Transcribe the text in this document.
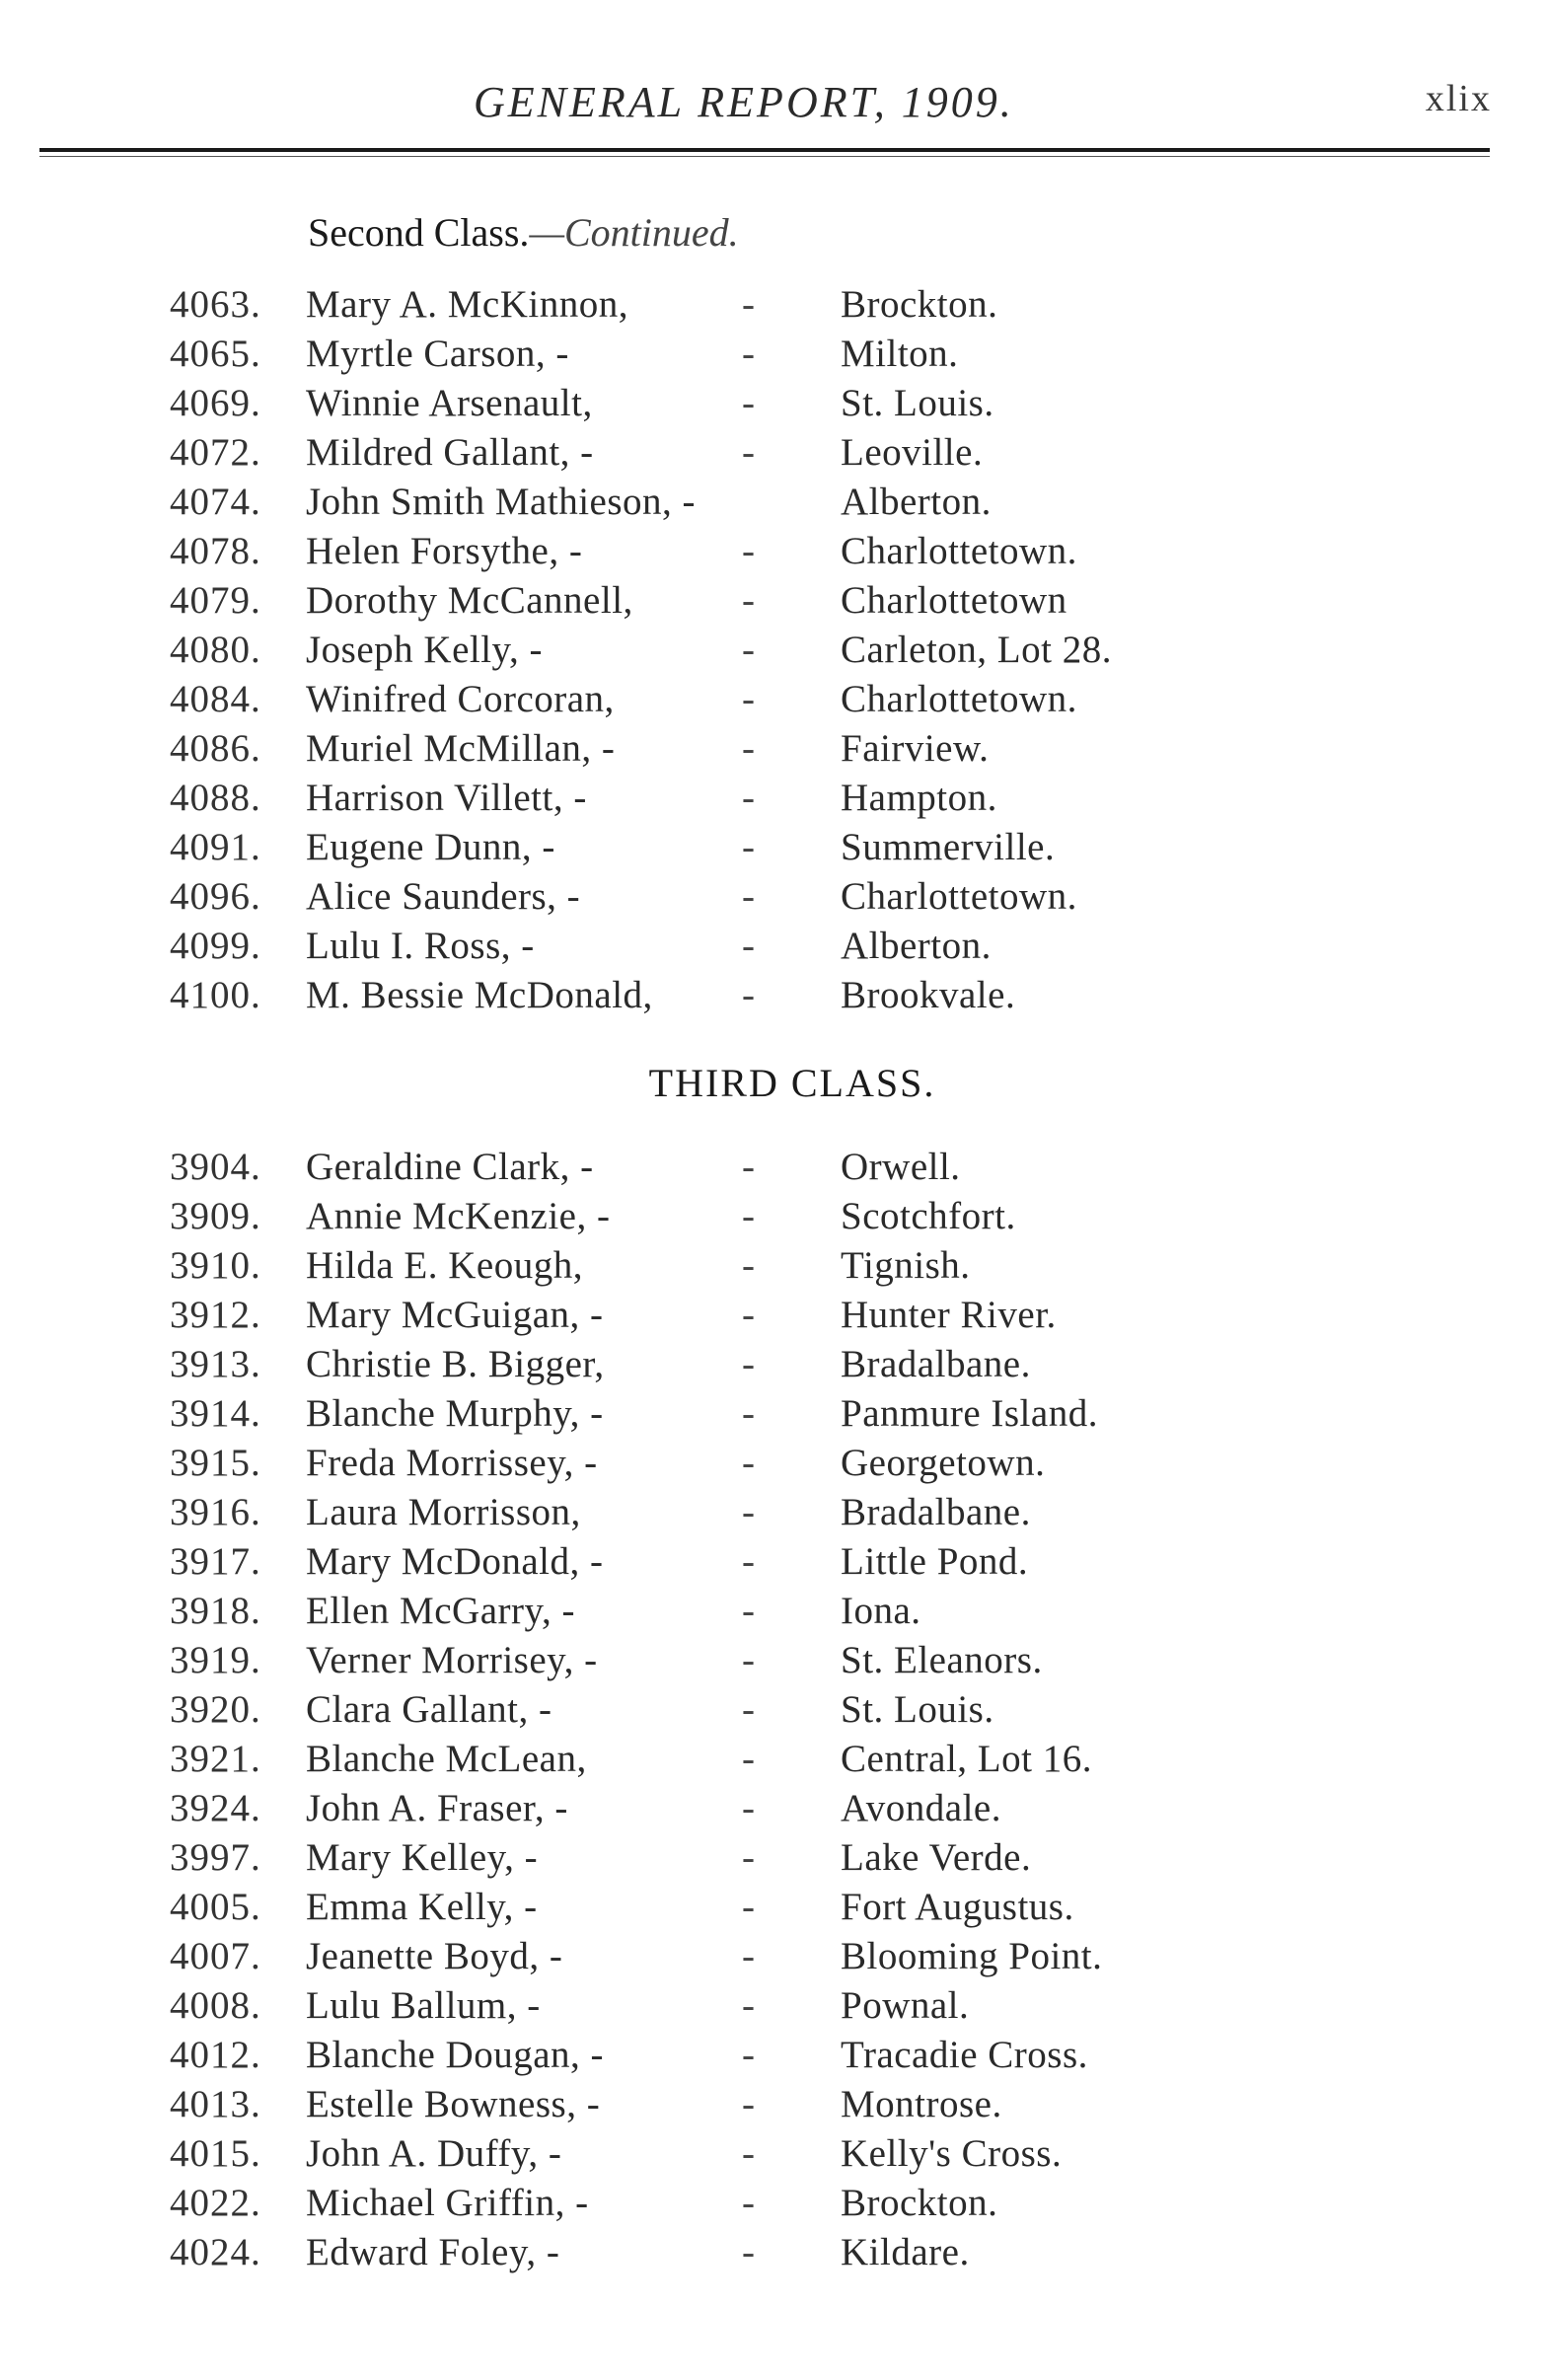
GENERAL REPORT, 1909.	xlix
Second Class.—Continued.
4063. Mary A. McKinnon,	- Brockton.
4065. Myrtle Carson, -	- Milton.
4069. Winnie Arsenault,	- St. Louis.
4072. Mildred Gallant, -	- Leoville.
4074. John Smith Mathieson, -	Alberton.
4078. Helen Forsythe, -	- Charlottetown.
4079. Dorothy McCannell,	- Charlottetown
4080. Joseph Kelly, -	- Carleton, Lot 28.
4084. Winifred Corcoran,	- Charlottetown.
4086. Muriel McMillan, -	- Fairview.
4088. Harrison Villett, -	- Hampton.
4091. Eugene Dunn, -	- Summerville.
4096. Alice Saunders, -	- Charlottetown.
4099. Lulu I. Ross, -	- Alberton.
4100. M. Bessie McDonald, - Brookvale.
THIRD CLASS.
3904. Geraldine Clark, -	- Orwell.
3909. Annie McKenzie, -	- Scotchfort.
3910. Hilda E. Keough,	- Tignish.
3912. Mary McGuigan, -	- Hunter River.
3913. Christie B. Bigger,	- Bradalbane.
3914. Blanche Murphy, -	- Panmure Island.
3915. Freda Morrissey, -	- Georgetown.
3916. Laura Morrisson,	- Bradalbane.
3917. Mary McDonald, -	- Little Pond.
3918. Ellen McGarry, -	- Iona.
3919. Verner Morrisey, -	- St. Eleanors.
3920. Clara Gallant, -	- St. Louis.
3921. Blanche McLean,	- Central, Lot 16.
3924. John A. Fraser, -	- Avondale.
3997. Mary Kelley, -	- Lake Verde.
4005. Emma Kelly, -	- Fort Augustus.
4007. Jeanette Boyd, -	- Blooming Point.
4008. Lulu Ballum, -	- Pownal.
4012. Blanche Dougan, -	- Tracadie Cross.
4013. Estelle Bowness, -	- Montrose.
4015. John A. Duffy, -	- Kelly's Cross.
4022. Michael Griffin, -	- Brockton.
4024. Edward Foley, -	- Kildare.
